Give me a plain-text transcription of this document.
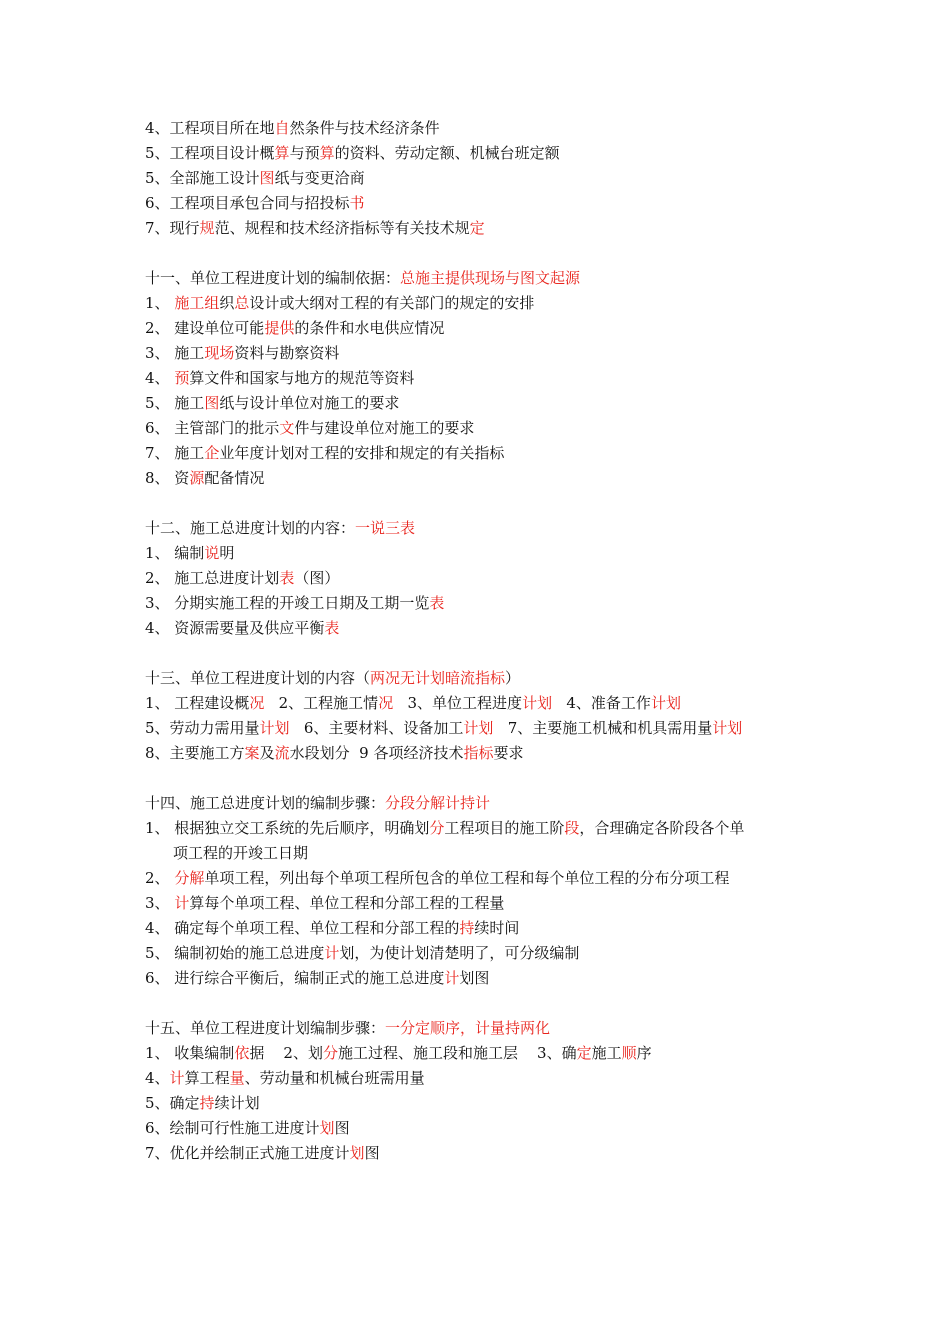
4、工程项目所在地自然条件与技术经济条件
5、工程项目设计概算与预算的资料、劳动定额、机械台班定额
5、全部施工设计图纸与变更洽商
6、工程项目承包合同与招投标书
7、现行规范、规程和技术经济指标等有关技术规定
十一、单位工程进度计划的编制依据：总施主提供现场与图文起源
1、 施工组织总设计或大纲对工程的有关部门的规定的安排
2、 建设单位可能提供的条件和水电供应情况
3、 施工现场资料与勘察资料
4、 预算文件和国家与地方的规范等资料
5、 施工图纸与设计单位对施工的要求
6、 主管部门的批示文件与建设单位对施工的要求
7、 施工企业年度计划对工程的安排和规定的有关指标
8、 资源配备情况
十二、施工总进度计划的内容：一说三表
1、 编制说明
2、 施工总进度计划表（图）
3、 分期实施工程的开竣工日期及工期一览表
4、 资源需要量及供应平衡表
十三、单位工程进度计划的内容（两况无计划暗流指标）
1、 工程建设概况   2、工程施工情况   3、单位工程进度计划   4、准备工作计划
5、劳动力需用量计划   6、主要材料、设备加工计划   7、主要施工机械和机具需用量计划
8、主要施工方案及流水段划分  9 各项经济技术指标要求
十四、施工总进度计划的编制步骤：分段分解计持计
1、 根据独立交工系统的先后顺序，明确划分工程项目的施工阶段，合理确定各阶段各个单
项工程的开竣工日期
2、 分解单项工程，列出每个单项工程所包含的单位工程和每个单位工程的分布分项工程
3、 计算每个单项工程、单位工程和分部工程的工程量
4、 确定每个单项工程、单位工程和分部工程的持续时间
5、 编制初始的施工总进度计划，为使计划清楚明了，可分级编制
6、 进行综合平衡后，编制正式的施工总进度计划图
十五、单位工程进度计划编制步骤：一分定顺序，计量持两化
1、 收集编制依据    2、划分施工过程、施工段和施工层    3、确定施工顺序
4、计算工程量、劳动量和机械台班需用量
5、确定持续计划
6、绘制可行性施工进度计划图
7、优化并绘制正式施工进度计划图
